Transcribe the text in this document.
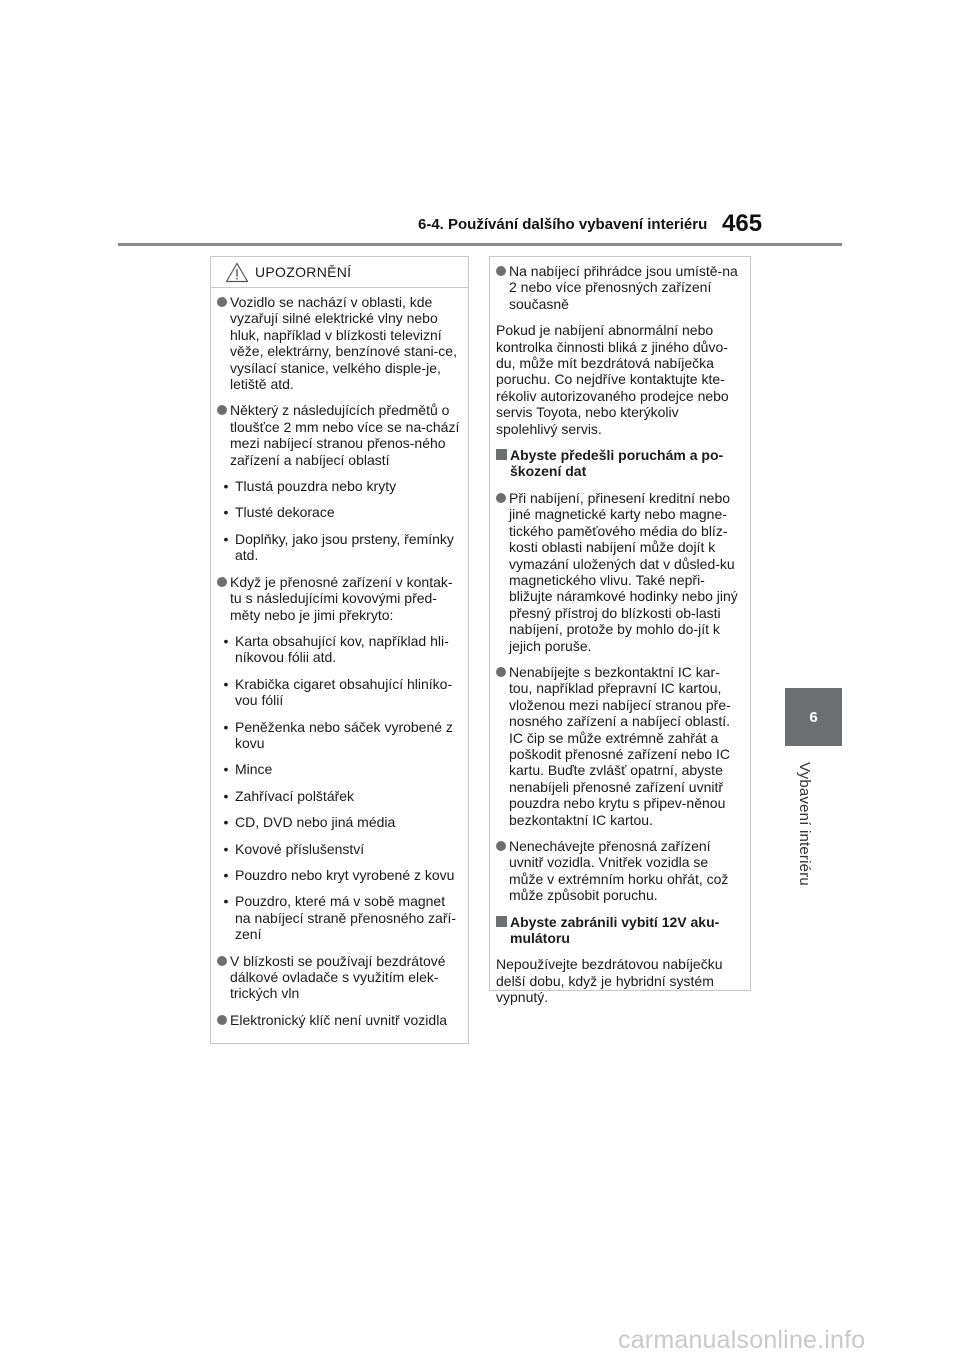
6-4. Používání dalšího vybavení interiéru 465
6
Vybavení interiéru
UPOZORNĚNÍ
Vozidlo se nachází v oblasti, kde vyzařují silné elektrické vlny nebo hluk, například v blízkosti televizní věže, elektrárny, benzínové stani-ce, vysílací stanice, velkého disple-je, letiště atd.
Některý z následujících předmětů o tloušťce 2 mm nebo více se na-chází mezi nabíjecí stranou přenos-ného zařízení a nabíjecí oblastí
• Tlustá pouzdra nebo kryty
• Tlusté dekorace
• Doplňky, jako jsou prsteny, řemínky atd.
Když je přenosné zařízení v kontak-tu s následujícími kovovými před-měty nebo je jimi překryto:
• Karta obsahující kov, například hli-níkovou fólii atd.
• Krabička cigaret obsahující hliníko-vou fólií
• Peněženka nebo sáček vyrobené z kovu
• Mince
• Zahřívací polštářek
• CD, DVD nebo jiná média
• Kovové příslušenství
• Pouzdro nebo kryt vyrobené z kovu
• Pouzdro, které má v sobě magnet na nabíjecí straně přenosného zaří-zení
V blízkosti se používají bezdrátové dálkové ovladače s využitím elek-trických vln
Elektronický klíč není uvnitř vozidla
Na nabíjecí přihrádce jsou umístě-na 2 nebo více přenosných zařízení současně
Pokud je nabíjení abnormální nebo kontrolka činnosti bliká z jiného důvo-du, může mít bezdrátová nabíječka poruchu. Co nejdříve kontaktujte kte-rékoliv autorizovaného prodejce nebo servis Toyota, nebo kterýkoliv spolehlivý servis.
Abyste předešli poruchám a po-škození dat
Při nabíjení, přinesení kreditní nebo jiné magnetické karty nebo magne-tického paměťového média do blíz-kosti oblasti nabíjení může dojít k vymazání uložených dat v důsled-ku magnetického vlivu. Také nepři-bližujte náramkové hodinky nebo jiný přesný přístroj do blízkosti ob-lasti nabíjení, protože by mohlo do-jít k jejich poruše.
Nenabíjejte s bezkontaktní IC kar-tou, například přepravní IC kartou, vloženou mezi nabíjecí stranou pře-nosného zařízení a nabíjecí oblastí. IC čip se může extrémně zahřát a poškodit přenosné zařízení nebo IC kartu. Buďte zvlášť opatrní, abyste nenabíjeli přenosné zařízení uvnitř pouzdra nebo krytu s připev-něnou bezkontaktní IC kartou.
Nenechávejte přenosná zařízení uvnitř vozidla. Vnitřek vozidla se může v extrémním horku ohřát, což může způsobit poruchu.
Abyste zabránili vybití 12V aku-mulátoru
Nepoužívejte bezdrátovou nabíječku delší dobu, když je hybridní systém vypnutý.
carmanualsonline.info
